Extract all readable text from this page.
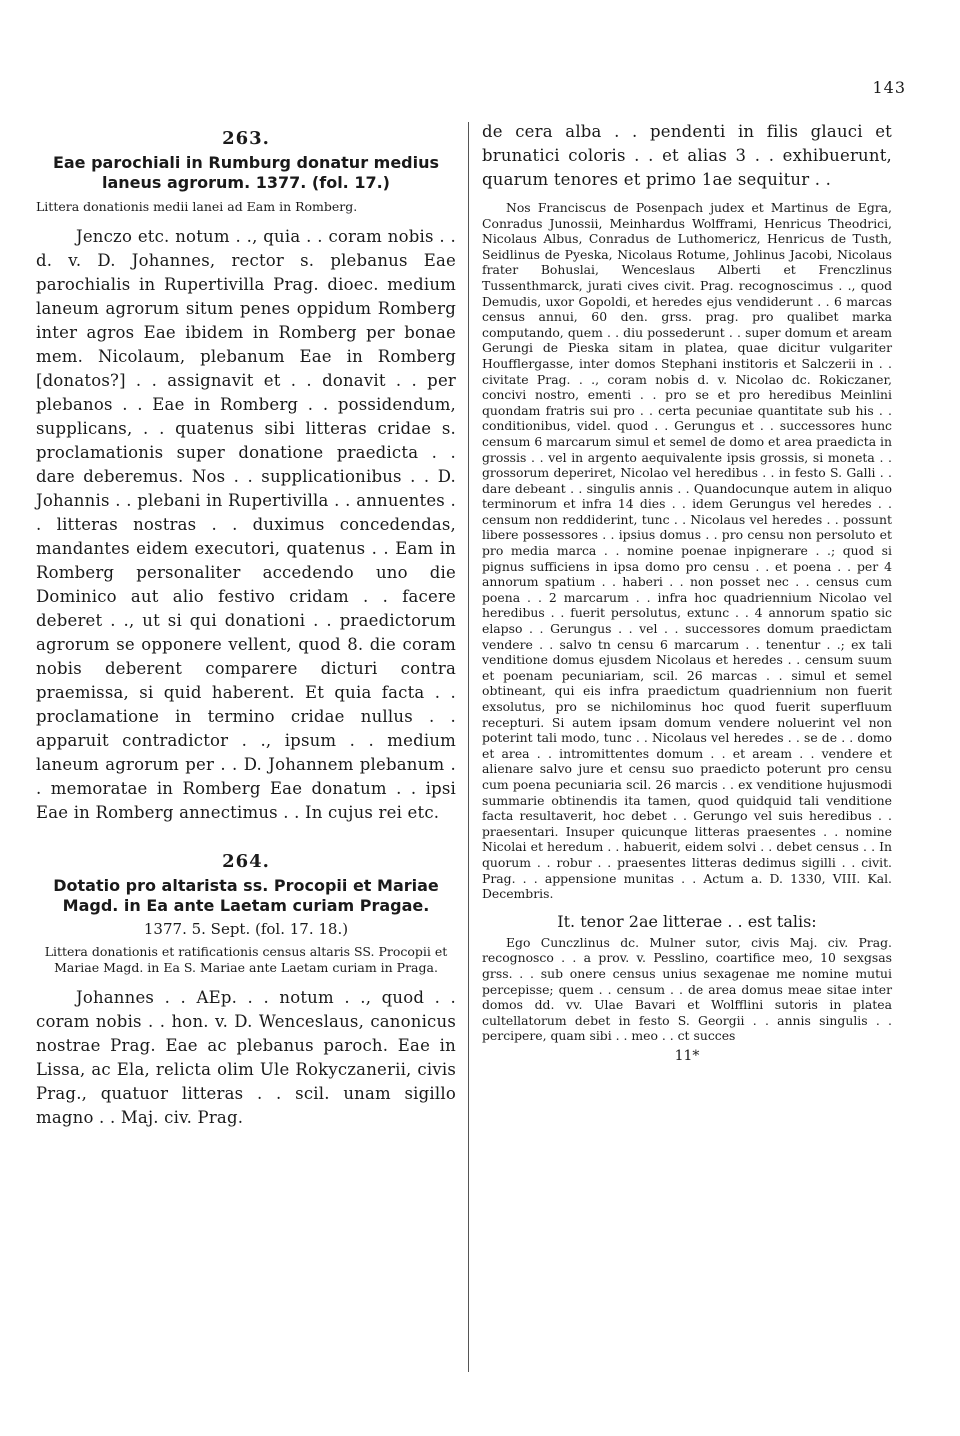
143
263.
Eae parochiali in Rumburg donatur medius laneus agrorum. 1377. (fol. 17.)
Littera donationis medii lanei ad Eam in Romberg.

Jenczo etc. notum . ., quia . . coram nobis . . d. v. D. Johannes, rector s. plebanus Eae parochialis in Rupertivilla Prag. dioec. medium laneum agrorum situm penes oppidum Romberg inter agros Eae ibidem in Romberg per bonae mem. Nicolaum, plebanum Eae in Romberg [donatos?] . . assignavit et . . donavit . . per plebanos . . Eae in Romberg . . possidendum, supplicans, . . quatenus sibi litteras cridae s. proclamationis super donatione praedicta . . dare deberemus. Nos . . supplicationibus . . D. Johannis . . plebani in Rupertivilla . . annuentes . . litteras nostras . . duximus concedendas, mandantes eidem executori, quatenus . . Eam in Romberg personaliter accedendo uno die Dominico aut alio festivo cridam . . facere deberet . ., ut si qui donationi . . praedictorum agrorum se opponere vellent, quod 8. die coram nobis deberent comparere dicturi contra praemissa, si quid haberent. Et quia facta . . proclamatione in termino cridae nullus . . apparuit contradictor . ., ipsum . . medium laneum agrorum per . . D. Johannem plebanum . . memoratae in Romberg Eae donatum . . ipsi Eae in Romberg annectimus . . In cujus rei etc.

264.
Dotatio pro altarista ss. Procopii et Mariae Magd. in Ea ante Laetam curiam Pragae.
1377. 5. Sept. (fol. 17. 18.)
Littera donationis et ratificationis census altaris SS. Procopii et Mariae Magd. in Ea S. Mariae ante Laetam curiam in Praga.

Johannes . . AEp. . . notum . ., quod . . coram nobis . . hon. v. D. Wenceslaus, canonicus nostrae Prag. Eae ac plebanus paroch. Eae in Lissa, ac Ela, relicta olim Ule Rokyczanerii, civis Prag., quatuor litteras . . scil. unam sigillo magno . . Maj. civ. Prag.

de cera alba . . pendenti in filis glauci et brunatici coloris . . et alias 3 . . exhibuerunt, quarum tenores et primo 1ae sequitur . .

Nos Franciscus de Posenpach judex et Martinus de Egra, Conradus Junossii, Meinhardus Wolfframi, Henricus Theodrici, Nicolaus Albus, Conradus de Luthomericz, Henricus de Tusth, Seidlinus de Pyeska, Nicolaus Rotume, Johlinus Jacobi, Nicolaus frater Bohuslai, Wenceslaus Alberti et Frenczlinus Tussenthmarck, jurati cives civit. Prag. recognoscimus . ., quod Demudis, uxor Gopoldi, et heredes ejus vendiderunt . . 6 marcas census annui, 60 den. grss. prag. pro qualibet marka computando, quem . . diu possederunt . . super domum et aream Gerungi de Pieska sitam in platea, quae dicitur vulgariter Houfflergasse, inter domos Stephani institoris et Salczerii in . . civitate Prag. . ., coram nobis d. v. Nicolao dc. Rokiczaner, concivi nostro, ementi . . pro se et pro heredibus Meinlini quondam fratris sui pro . . certa pecuniae quantitate sub his . . conditionibus, videl. quod . . Gerungus et . . successores hunc censum 6 marcarum simul et semel de domo et area praedicta in grossis . . vel in argento aequivalente ipsis grossis, si moneta . . grossorum deperiret, Nicolao vel heredibus . . in festo S. Galli . . dare debeant . . singulis annis . . Quandocunque autem in aliquo terminorum et infra 14 dies . . idem Gerungus vel heredes . . censum non reddiderint, tunc . . Nicolaus vel heredes . . possunt libere possessores . . ipsius domus . . pro censu non persoluto et pro media marca . . nomine poenae inpignerare . .; quod si pignus sufficiens in ipsa domo pro censu . . et poena . . per 4 annorum spatium . . haberi . . non posset nec . . census cum poena . . 2 marcarum . . infra hoc quadriennium Nicolao vel heredibus . . fuerit persolutus, extunc . . 4 annorum spatio sic elapso . . Gerungus . . vel . . successores domum praedictam vendere . . salvo tn censu 6 marcarum . . tenentur . .; ex tali venditione domus ejusdem Nicolaus et heredes . . censum suum et poenam pecuniariam, scil. 26 marcas . . simul et semel obtineant, qui eis infra praedictum quadriennium non fuerit exsolutus, pro se nichilominus hoc quod fuerit superfluum recepturi. Si autem ipsam domum vendere noluerint vel non poterint tali modo, tunc . . Nicolaus vel heredes . . se de . . domo et area . . intromittentes domum . . et aream . . vendere et alienare salvo jure et censu suo praedicto poterunt pro censu cum poena pecuniaria scil. 26 marcis . . ex venditione hujusmodi summarie obtinendis ita tamen, quod quidquid tali venditione facta resultaverit, hoc debet . . Gerungo vel suis heredibus . . praesentari. Insuper quicunque litteras praesentes . . nomine Nicolai et heredum . . habuerit, eidem solvi . . debet census . . In quorum . . robur . . praesentes litteras dedimus sigilli . . civit. Prag. . . appensione munitas . . Actum a. D. 1330, VIII. Kal. Decembris.

It. tenor 2ae litterae . . est talis:

Ego Cunczlinus dc. Mulner sutor, civis Maj. civ. Prag. recognosco . . a prov. v. Pesslino, coartifice meo, 10 sexgsas grss. . . sub onere census unius sexagenae me nomine mutui percepisse; quem . . censum . . de area domus meae sitae inter domos dd. vv. Ulae Bavari et Wolfflini sutoris in platea cultellatorum debet in festo S. Georgii . . annis singulis . . percipere, quam sibi . . meo . . ct succes

11*
